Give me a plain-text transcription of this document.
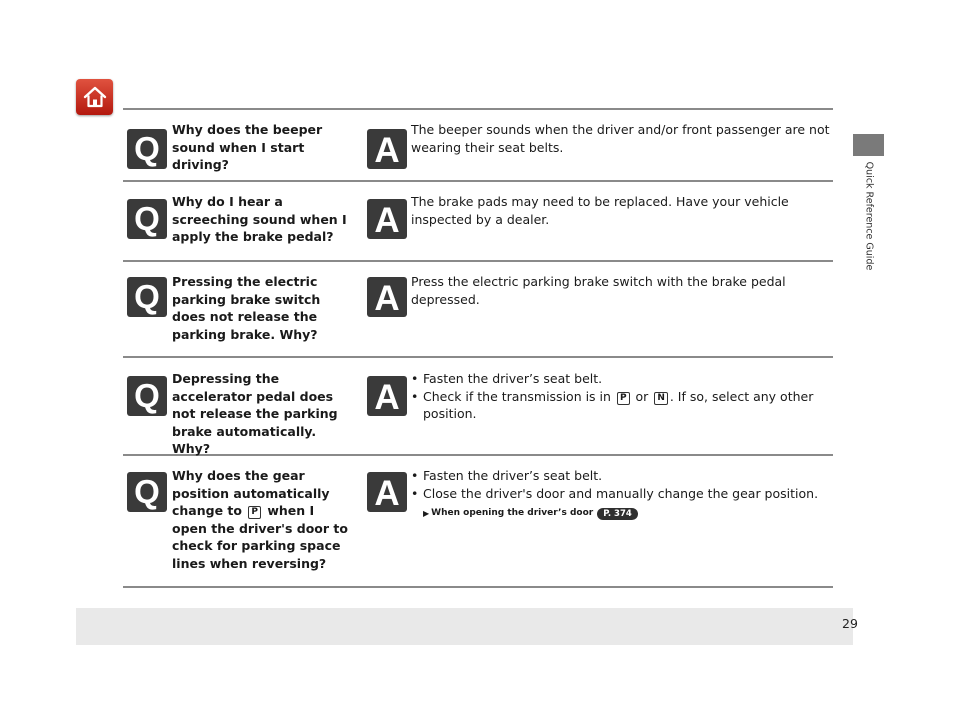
Quick Reference Guide
Why does the beeper sound when I start driving?
The beeper sounds when the driver and/or front passenger are not wearing their seat belts.
Why do I hear a screeching sound when I apply the brake pedal?
The brake pads may need to be replaced. Have your vehicle inspected by a dealer.
Pressing the electric parking brake switch does not release the parking brake. Why?
Press the electric parking brake switch with the brake pedal depressed.
Depressing the accelerator pedal does not release the parking brake automatically. Why?
• Fasten the driver’s seat belt.
• Check if the transmission is in P or N . If so, select any other position.
Why does the gear position automatically change to P when I open the driver's door to check for parking space lines when reversing?
• Fasten the driver’s seat belt.
• Close the driver's door and manually change the gear position.
▶ When opening the driver’s door	P. 374
29
